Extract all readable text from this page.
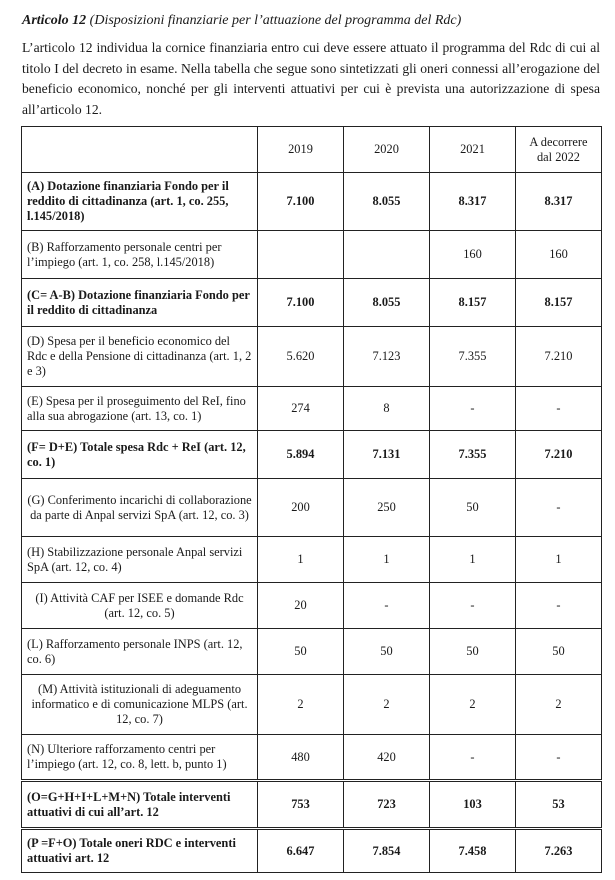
Articolo 12 (Disposizioni finanziarie per l’attuazione del programma del Rdc)
L’articolo 12 individua la cornice finanziaria entro cui deve essere attuato il programma del Rdc di cui al titolo I del decreto in esame. Nella tabella che segue sono sintetizzati gli oneri connessi all’erogazione del beneficio economico, nonché per gli interventi attuativi per cui è prevista una autorizzazione di spesa all’articolo 12.
	2019	2020	2021	A decorrere dal 2022
(A) Dotazione finanziaria Fondo per il reddito di cittadinanza (art. 1, co. 255, l.145/2018)	7.100	8.055	8.317	8.317
(B) Rafforzamento personale centri per l’impiego (art. 1, co. 258, l.145/2018)			160	160
(C= A-B) Dotazione finanziaria Fondo per il reddito di cittadinanza	7.100	8.055	8.157	8.157
(D) Spesa per il beneficio economico del Rdc e della Pensione di cittadinanza (art. 1, 2 e 3)	5.620	7.123	7.355	7.210
(E) Spesa per il proseguimento del ReI, fino alla sua abrogazione (art. 13, co. 1)	274	8	-	-
(F= D+E) Totale spesa Rdc + ReI (art. 12, co. 1)	5.894	7.131	7.355	7.210
(G) Conferimento incarichi di collaborazione da parte di Anpal servizi SpA (art. 12, co. 3)	200	250	50	-
(H) Stabilizzazione personale Anpal servizi SpA (art. 12, co. 4)	1	1	1	1
(I) Attività CAF per ISEE e domande Rdc (art. 12, co. 5)	20	-	-	-
(L) Rafforzamento personale INPS (art. 12, co. 6)	50	50	50	50
(M) Attività istituzionali di adeguamento informatico e di comunicazione MLPS (art. 12, co. 7)	2	2	2	2
(N) Ulteriore rafforzamento centri per l’impiego (art. 12, co. 8, lett. b, punto 1)	480	420	-	-
(O=G+H+I+L+M+N) Totale interventi attuativi di cui all’art. 12	753	723	103	53
(P =F+O) Totale oneri RDC e interventi attuativi art. 12	6.647	7.854	7.458	7.263
